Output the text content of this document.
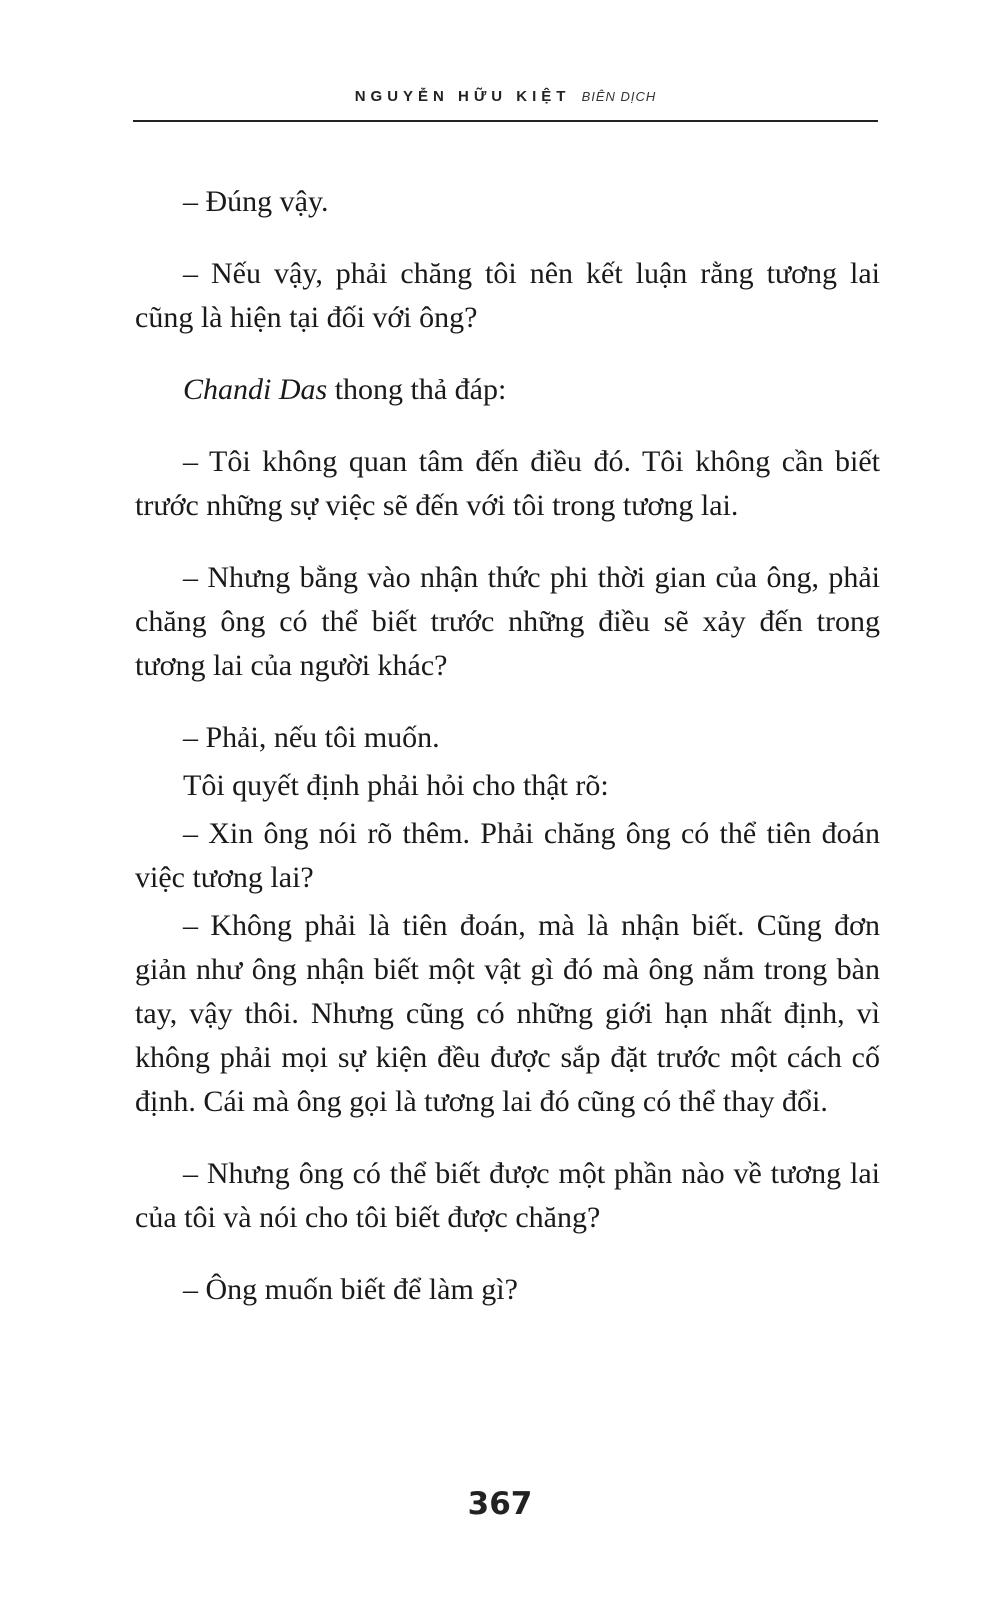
NGUYỄN HỮU KIỆT BIÊN DỊCH

– Đúng vậy.

– Nếu vậy, phải chăng tôi nên kết luận rằng tương lai cũng là hiện tại đối với ông?

Chandi Das thong thả đáp:

– Tôi không quan tâm đến điều đó. Tôi không cần biết trước những sự việc sẽ đến với tôi trong tương lai.

– Nhưng bằng vào nhận thức phi thời gian của ông, phải chăng ông có thể biết trước những điều sẽ xảy đến trong tương lai của người khác?

– Phải, nếu tôi muốn.

Tôi quyết định phải hỏi cho thật rõ:

– Xin ông nói rõ thêm. Phải chăng ông có thể tiên đoán việc tương lai?

– Không phải là tiên đoán, mà là nhận biết. Cũng đơn giản như ông nhận biết một vật gì đó mà ông nắm trong bàn tay, vậy thôi. Nhưng cũng có những giới hạn nhất định, vì không phải mọi sự kiện đều được sắp đặt trước một cách cố định. Cái mà ông gọi là tương lai đó cũng có thể thay đổi.

– Nhưng ông có thể biết được một phần nào về tương lai của tôi và nói cho tôi biết được chăng?

– Ông muốn biết để làm gì?

367
